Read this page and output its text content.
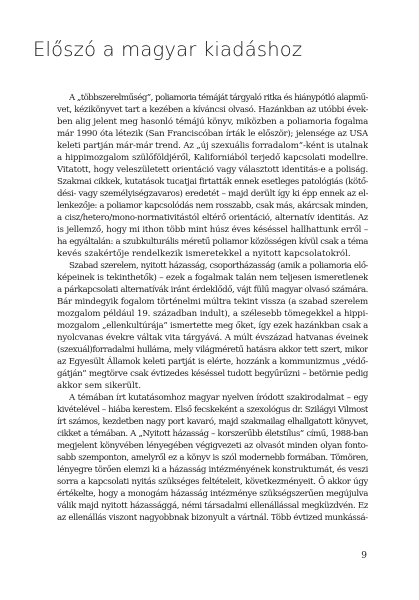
Előszó a magyar kiadáshoz

A „többszerelműség”, poliamoria témáját tárgyaló ritka és hiánypótló alapmű-
vet, kézikönyvet tart a kezében a kíváncsi olvasó. Hazánkban az utóbbi évek-
ben alig jelent meg hasonló témájú könyv, miközben a poliamoria fogalma
már 1990 óta létezik (San Franciscóban írták le először); jelensége az USA
keleti partján már-már trend. Az „új szexuális forradalom”-ként is utalnak
a hippimozgalom szülőföldjéről, Kaliforniából terjedő kapcsolati modellre.
Vitatott, hogy veleszületett orientáció vagy választott identitás-e a poliság.
Szakmai cikkek, kutatások tucatjai firtatták ennek esetleges patológiás (kötő-
dési- vagy személyiségzavaros) eredetét – majd derült így ki épp ennek az el-
lenkezője: a poliamor kapcsolódás nem rosszabb, csak más, akárcsak minden,
a cisz/hetero/mono-normativitástól eltérő orientáció, alternatív identitás. Az
is jellemző, hogy mi ithon több mint húsz éves késéssel hallhattunk erről –
ha egyáltalán: a szubkulturális méretű poliamor közösségen kívül csak a téma
kevés szakértője rendelkezik ismeretekkel a nyitott kapcsolatokról.

Szabad szerelem, nyitott házasság, csoportházasság (amik a poliamoria elő-
képeinek is tekinthetők) – ezek a fogalmak talán nem teljesen ismeretlenek
a párkapcsolati alternatívák iránt érdeklődő, vájt fülű magyar olvasó számára.
Bár mindegyik fogalom történelmi múltra tekint vissza (a szabad szerelem
mozgalom például 19. században indult), a szélesebb tömegekkel a hippi-
mozgalom „ellenkultúrája” ismertette meg őket, így ezek hazánkban csak a
nyolcvanas évekre váltak vita tárgyává. A múlt évszázad hatvanas éveinek
(szexuál)forradalmi hulláma, mely világméretű hatásra akkor tett szert, mikor
az Egyesült Államok keleti partját is elérte, hozzánk a kommunizmus „védő-
gátján” megtörve csak évtizedes késéssel tudott begyűrűzni – betörnie pedig
akkor sem sikerült.

A témában írt kutatásomhoz magyar nyelven íródott szakirodalmat – egy
kivételével – hiába kerestem. Első fecskeként a szexológus dr. Szilágyi Vilmost
írt számos, kezdetben nagy port kavaró, majd szakmailag elhallgatott könyvet,
cikket a témában. A „Nyitott házasság – korszerűbb életstílus” című, 1988-ban
megjelent könyvében lényegében végigvezeti az olvasót minden olyan fonto-
sabb szemponton, amelyről ez a könyv is szól modernebb formában. Tömören,
lényegre törően elemzi ki a házasság intézményének konstruktumát, és veszi
sorra a kapcsolati nyitás szükséges feltételeit, következményeit. Ő akkor úgy
értékelte, hogy a monogám házasság intézménye szükségszerűen megújulva
válik majd nyitott házassággá, némi társadalmi ellenállással megküzdvén. Ez
az ellenállás viszont nagyobbnak bizonyult a vártnál. Több évtized munkássá-

9
